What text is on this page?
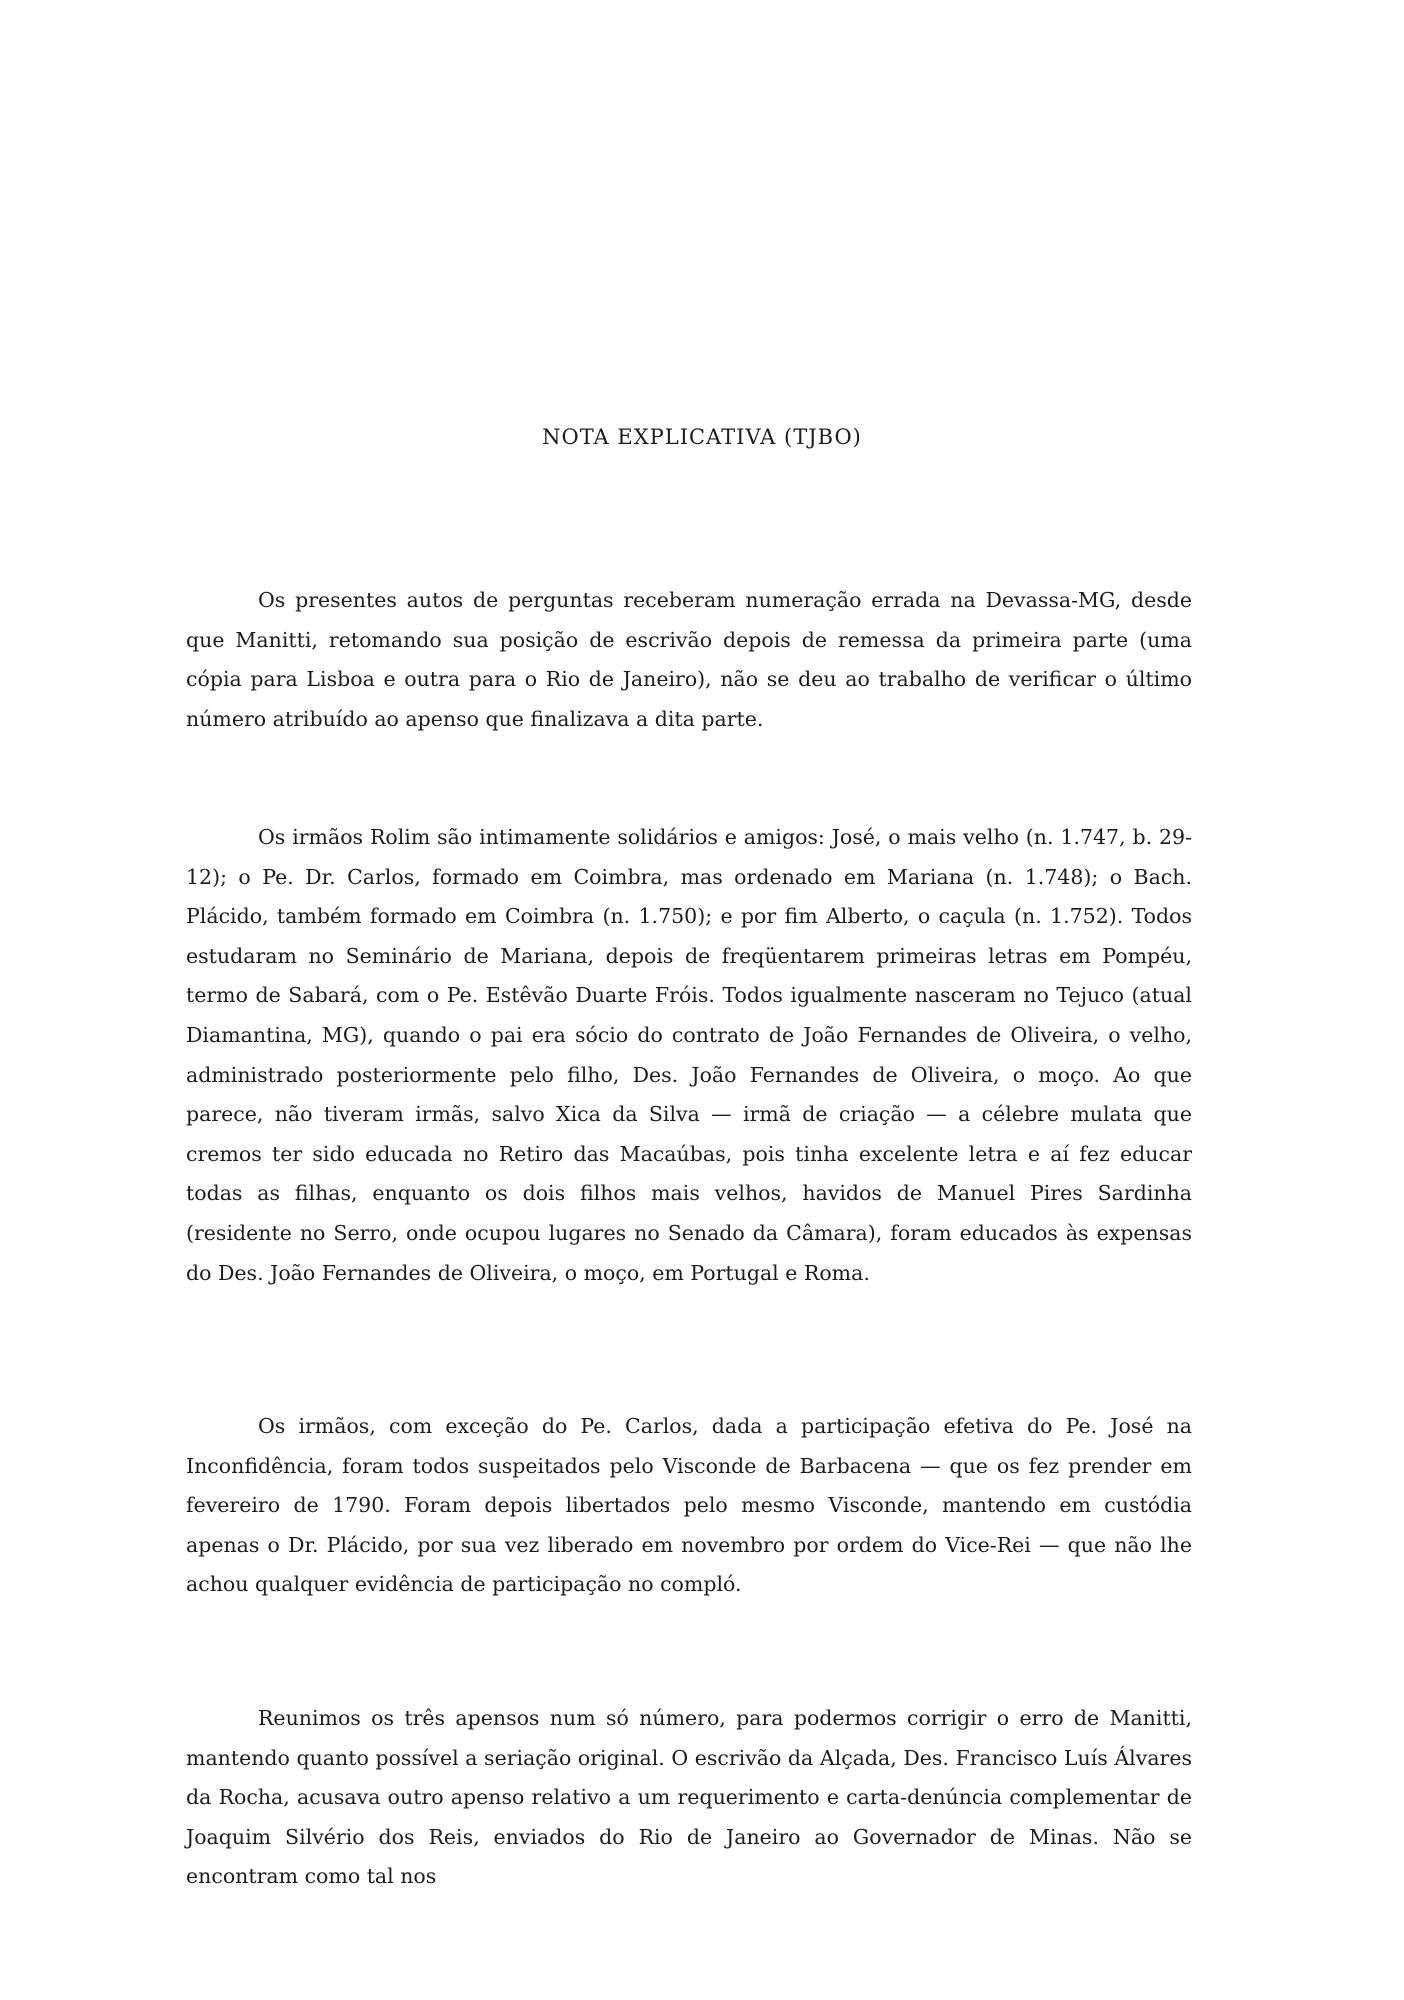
NOTA EXPLICATIVA (TJBO)

Os presentes autos de perguntas receberam numeração errada na Devassa-MG, desde que Manitti, retomando sua posição de escrivão depois de remessa da primeira parte (uma cópia para Lisboa e outra para o Rio de Janeiro), não se deu ao trabalho de verificar o último número atribuído ao apenso que finalizava a dita parte.

Os irmãos Rolim são intimamente solidários e amigos: José, o mais velho (n. 1.747, b. 29-12); o Pe. Dr. Carlos, formado em Coimbra, mas ordenado em Mariana (n. 1.748); o Bach. Plácido, também formado em Coimbra (n. 1.750); e por fim Alberto, o caçula (n. 1.752). Todos estudaram no Seminário de Mariana, depois de freqüentarem primeiras letras em Pompéu, termo de Sabará, com o Pe. Estêvão Duarte Fróis. Todos igualmente nasceram no Tejuco (atual Diamantina, MG), quando o pai era sócio do contrato de João Fernandes de Oliveira, o velho, administrado posteriormente pelo filho, Des. João Fernandes de Oliveira, o moço. Ao que parece, não tiveram irmãs, salvo Xica da Silva — irmã de criação — a célebre mulata que cremos ter sido educada no Retiro das Macaúbas, pois tinha excelente letra e aí fez educar todas as filhas, enquanto os dois filhos mais velhos, havidos de Manuel Pires Sardinha (residente no Serro, onde ocupou lugares no Senado da Câmara), foram educados às expensas do Des. João Fernandes de Oliveira, o moço, em Portugal e Roma.

Os irmãos, com exceção do Pe. Carlos, dada a participação efetiva do Pe. José na Inconfidência, foram todos suspeitados pelo Visconde de Barbacena — que os fez prender em fevereiro de 1790. Foram depois libertados pelo mesmo Visconde, mantendo em custódia apenas o Dr. Plácido, por sua vez liberado em novembro por ordem do Vice-Rei — que não lhe achou qualquer evidência de participação no compló.

Reunimos os três apensos num só número, para podermos corrigir o erro de Manitti, mantendo quanto possível a seriação original. O escrivão da Alçada, Des. Francisco Luís Álvares da Rocha, acusava outro apenso relativo a um requerimento e carta-denúncia complementar de Joaquim Silvério dos Reis, enviados do Rio de Janeiro ao Governador de Minas. Não se encontram como tal nos
